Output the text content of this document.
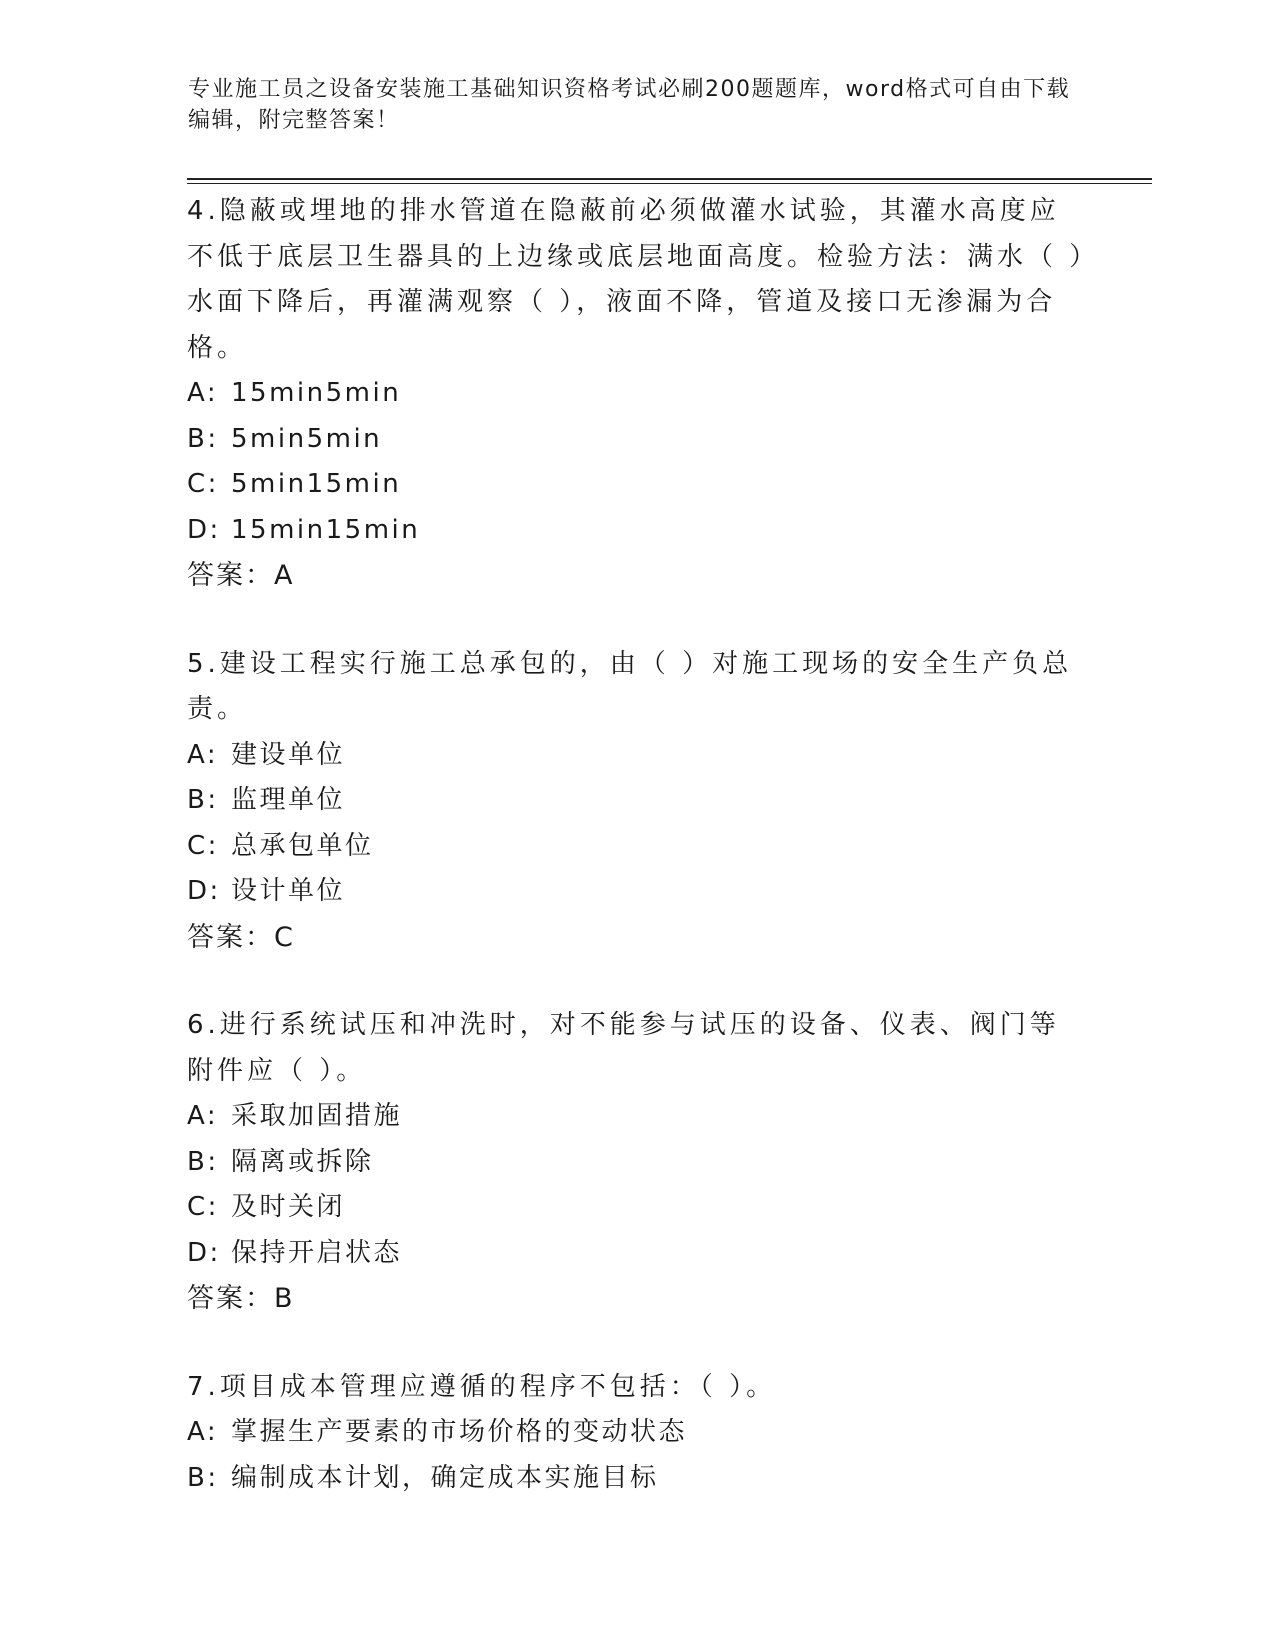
专业施工员之设备安装施工基础知识资格考试必刷200题题库，word格式可自由下载编辑，附完整答案！

4.隐蔽或埋地的排水管道在隐蔽前必须做灌水试验，其灌水高度应不低于底层卫生器具的上边缘或底层地面高度。检验方法：满水（ ）水面下降后，再灌满观察（ ），液面不降，管道及接口无渗漏为合格。

A: 15min5min

B: 5min5min

C: 5min15min

D: 15min15min

答案：A

5.建设工程实行施工总承包的，由（ ）对施工现场的安全生产负总责。

A: 建设单位

B: 监理单位

C: 总承包单位

D: 设计单位

答案：C

6.进行系统试压和冲洗时，对不能参与试压的设备、仪表、阀门等附件应（ ）。

A: 采取加固措施

B: 隔离或拆除

C: 及时关闭

D: 保持开启状态

答案：B

7.项目成本管理应遵循的程序不包括：（ ）。

A: 掌握生产要素的市场价格的变动状态

B: 编制成本计划，确定成本实施目标
